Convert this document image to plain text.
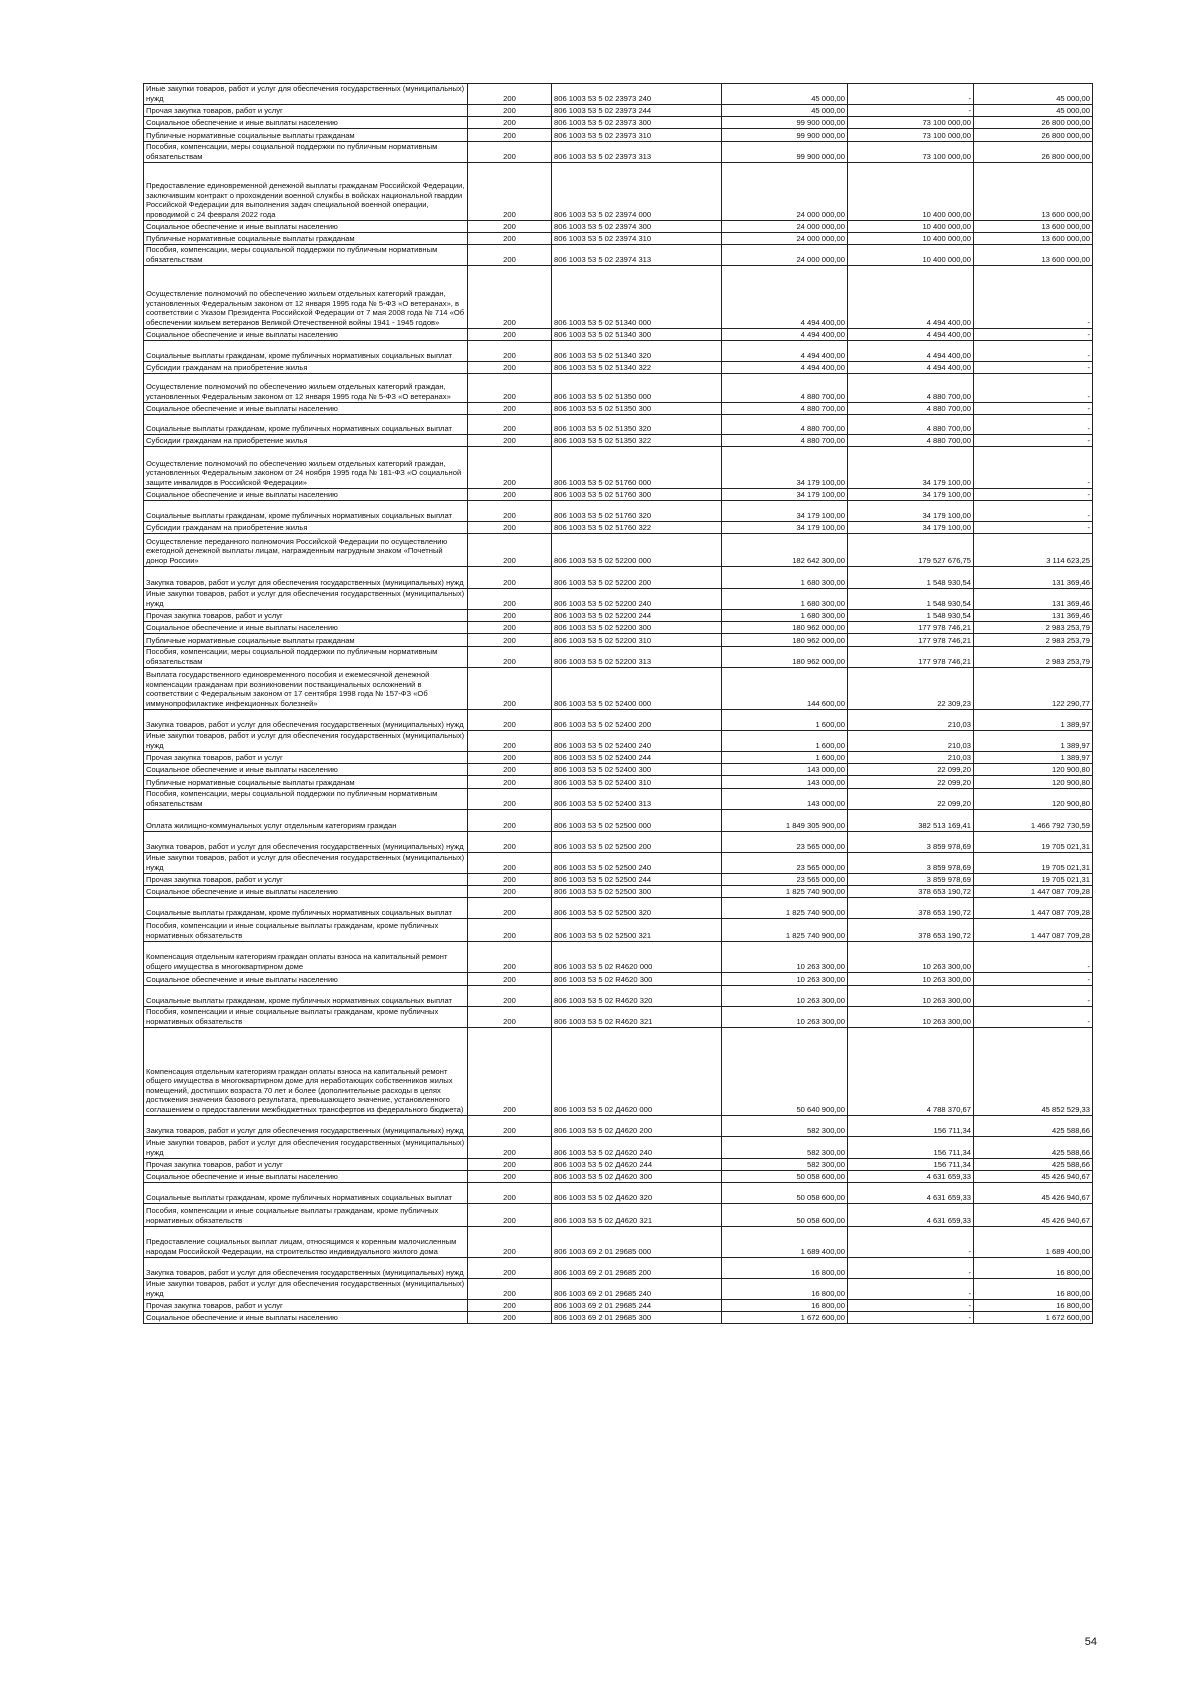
Иные закупки товаров, работ и услуг для обеспечения государственных (муниципальных) нужд	200	806 1003 53 5 02 23973 240	45 000,00	-	45 000,00
Прочая закупка товаров, работ и услуг	200	806 1003 53 5 02 23973 244	45 000,00	-	45 000,00
Социальное обеспечение и иные выплаты населению	200	806 1003 53 5 02 23973 300	99 900 000,00	73 100 000,00	26 800 000,00
Публичные нормативные социальные выплаты гражданам	200	806 1003 53 5 02 23973 310	99 900 000,00	73 100 000,00	26 800 000,00
Пособия, компенсации, меры социальной поддержки по публичным нормативным обязательствам	200	806 1003 53 5 02 23973 313	99 900 000,00	73 100 000,00	26 800 000,00
Предоставление единовременной денежной выплаты гражданам Российской Федерации, заключившим контракт о прохождении военной службы в войсках национальной гвардии Российской Федерации для выполнения задач специальной военной операции, проводимой с 24 февраля 2022 года	200	806 1003 53 5 02 23974 000	24 000 000,00	10 400 000,00	13 600 000,00
Социальное обеспечение и иные выплаты населению	200	806 1003 53 5 02 23974 300	24 000 000,00	10 400 000,00	13 600 000,00
Публичные нормативные социальные выплаты гражданам	200	806 1003 53 5 02 23974 310	24 000 000,00	10 400 000,00	13 600 000,00
Пособия, компенсации, меры социальной поддержки по публичным нормативным обязательствам	200	806 1003 53 5 02 23974 313	24 000 000,00	10 400 000,00	13 600 000,00
Осуществление полномочий по обеспечению жильем отдельных категорий граждан, установленных Федеральным законом от 12 января 1995 года № 5-ФЗ «О ветеранах», в соответствии с Указом Президента Российской Федерации от 7 мая 2008 года № 714 «Об обеспечении жильем ветеранов Великой Отечественной войны 1941 - 1945 годов»	200	806 1003 53 5 02 51340 000	4 494 400,00	4 494 400,00	-
Социальное обеспечение и иные выплаты населению	200	806 1003 53 5 02 51340 300	4 494 400,00	4 494 400,00	-
Социальные выплаты гражданам, кроме публичных нормативных социальных выплат	200	806 1003 53 5 02 51340 320	4 494 400,00	4 494 400,00	-
Субсидии гражданам на приобретение жилья	200	806 1003 53 5 02 51340 322	4 494 400,00	4 494 400,00	-
Осуществление полномочий по обеспечению жильем отдельных категорий граждан, установленных Федеральным законом от 12 января 1995 года № 5-ФЗ «О ветеранах»	200	806 1003 53 5 02 51350 000	4 880 700,00	4 880 700,00	-
Социальное обеспечение и иные выплаты населению	200	806 1003 53 5 02 51350 300	4 880 700,00	4 880 700,00	-
Социальные выплаты гражданам, кроме публичных нормативных социальных выплат	200	806 1003 53 5 02 51350 320	4 880 700,00	4 880 700,00	-
Субсидии гражданам на приобретение жилья	200	806 1003 53 5 02 51350 322	4 880 700,00	4 880 700,00	-
Осуществление полномочий по обеспечению жильем отдельных категорий граждан, установленных Федеральным законом от 24 ноября 1995 года № 181-ФЗ «О социальной защите инвалидов в Российской Федерации»	200	806 1003 53 5 02 51760 000	34 179 100,00	34 179 100,00	-
Социальное обеспечение и иные выплаты населению	200	806 1003 53 5 02 51760 300	34 179 100,00	34 179 100,00	-
Социальные выплаты гражданам, кроме публичных нормативных социальных выплат	200	806 1003 53 5 02 51760 320	34 179 100,00	34 179 100,00	-
Субсидии гражданам на приобретение жилья	200	806 1003 53 5 02 51760 322	34 179 100,00	34 179 100,00	-
Осуществление переданного полномочия Российской Федерации по осуществлению ежегодной денежной выплаты лицам, награжденным нагрудным знаком «Почетный донор России»	200	806 1003 53 5 02 52200 000	182 642 300,00	179 527 676,75	3 114 623,25
Закупка товаров, работ и услуг для обеспечения государственных (муниципальных) нужд	200	806 1003 53 5 02 52200 200	1 680 300,00	1 548 930,54	131 369,46
Иные закупки товаров, работ и услуг для обеспечения государственных (муниципальных) нужд	200	806 1003 53 5 02 52200 240	1 680 300,00	1 548 930,54	131 369,46
Прочая закупка товаров, работ и услуг	200	806 1003 53 5 02 52200 244	1 680 300,00	1 548 930,54	131 369,46
Социальное обеспечение и иные выплаты населению	200	806 1003 53 5 02 52200 300	180 962 000,00	177 978 746,21	2 983 253,79
Публичные нормативные социальные выплаты гражданам	200	806 1003 53 5 02 52200 310	180 962 000,00	177 978 746,21	2 983 253,79
Пособия, компенсации, меры социальной поддержки по публичным нормативным обязательствам	200	806 1003 53 5 02 52200 313	180 962 000,00	177 978 746,21	2 983 253,79
Выплата государственного единовременного пособия и ежемесячной денежной компенсации гражданам при возникновении поствакцинальных осложнений в соответствии с Федеральным законом от 17 сентября 1998 года № 157-ФЗ «Об иммунопрофилактике инфекционных болезней»	200	806 1003 53 5 02 52400 000	144 600,00	22 309,23	122 290,77
Закупка товаров, работ и услуг для обеспечения государственных (муниципальных) нужд	200	806 1003 53 5 02 52400 200	1 600,00	210,03	1 389,97
Иные закупки товаров, работ и услуг для обеспечения государственных (муниципальных) нужд	200	806 1003 53 5 02 52400 240	1 600,00	210,03	1 389,97
Прочая закупка товаров, работ и услуг	200	806 1003 53 5 02 52400 244	1 600,00	210,03	1 389,97
Социальное обеспечение и иные выплаты населению	200	806 1003 53 5 02 52400 300	143 000,00	22 099,20	120 900,80
Публичные нормативные социальные выплаты гражданам	200	806 1003 53 5 02 52400 310	143 000,00	22 099,20	120 900,80
Пособия, компенсации, меры социальной поддержки по публичным нормативным обязательствам	200	806 1003 53 5 02 52400 313	143 000,00	22 099,20	120 900,80
Оплата жилищно-коммунальных услуг отдельным категориям граждан	200	806 1003 53 5 02 52500 000	1 849 305 900,00	382 513 169,41	1 466 792 730,59
Закупка товаров, работ и услуг для обеспечения государственных (муниципальных) нужд	200	806 1003 53 5 02 52500 200	23 565 000,00	3 859 978,69	19 705 021,31
Иные закупки товаров, работ и услуг для обеспечения государственных (муниципальных) нужд	200	806 1003 53 5 02 52500 240	23 565 000,00	3 859 978,69	19 705 021,31
Прочая закупка товаров, работ и услуг	200	806 1003 53 5 02 52500 244	23 565 000,00	3 859 978,69	19 705 021,31
Социальное обеспечение и иные выплаты населению	200	806 1003 53 5 02 52500 300	1 825 740 900,00	378 653 190,72	1 447 087 709,28
Социальные выплаты гражданам, кроме публичных нормативных социальных выплат	200	806 1003 53 5 02 52500 320	1 825 740 900,00	378 653 190,72	1 447 087 709,28
Пособия, компенсации и иные социальные выплаты гражданам, кроме публичных нормативных обязательств	200	806 1003 53 5 02 52500 321	1 825 740 900,00	378 653 190,72	1 447 087 709,28
Компенсация отдельным категориям граждан оплаты взноса на капитальный ремонт общего имущества в многоквартирном доме	200	806 1003 53 5 02 R4620 000	10 263 300,00	10 263 300,00	-
Социальное обеспечение и иные выплаты населению	200	806 1003 53 5 02 R4620 300	10 263 300,00	10 263 300,00	-
Социальные выплаты гражданам, кроме публичных нормативных социальных выплат	200	806 1003 53 5 02 R4620 320	10 263 300,00	10 263 300,00	-
Пособия, компенсации и иные социальные выплаты гражданам, кроме публичных нормативных обязательств	200	806 1003 53 5 02 R4620 321	10 263 300,00	10 263 300,00	-
Компенсация отдельным категориям граждан оплаты взноса на капитальный ремонт общего имущества в многоквартирном доме для неработающих собственников жилых помещений, достигших возраста 70 лет и более (дополнительные расходы в целях достижения значения базового результата, превышающего значение, установленного соглашением о предоставлении межбюджетных трансфертов из федерального бюджета)	200	806 1003 53 5 02 Д4620 000	50 640 900,00	4 788 370,67	45 852 529,33
Закупка товаров, работ и услуг для обеспечения государственных (муниципальных) нужд	200	806 1003 53 5 02 Д4620 200	582 300,00	156 711,34	425 588,66
Иные закупки товаров, работ и услуг для обеспечения государственных (муниципальных) нужд	200	806 1003 53 5 02 Д4620 240	582 300,00	156 711,34	425 588,66
Прочая закупка товаров, работ и услуг	200	806 1003 53 5 02 Д4620 244	582 300,00	156 711,34	425 588,66
Социальное обеспечение и иные выплаты населению	200	806 1003 53 5 02 Д4620 300	50 058 600,00	4 631 659,33	45 426 940,67
Социальные выплаты гражданам, кроме публичных нормативных социальных выплат	200	806 1003 53 5 02 Д4620 320	50 058 600,00	4 631 659,33	45 426 940,67
Пособия, компенсации и иные социальные выплаты гражданам, кроме публичных нормативных обязательств	200	806 1003 53 5 02 Д4620 321	50 058 600,00	4 631 659,33	45 426 940,67
Предоставление социальных выплат лицам, относящимся к коренным малочисленным народам Российской Федерации, на строительство индивидуального жилого дома	200	806 1003 69 2 01 29685 000	1 689 400,00	-	1 689 400,00
Закупка товаров, работ и услуг для обеспечения государственных (муниципальных) нужд	200	806 1003 69 2 01 29685 200	16 800,00	-	16 800,00
Иные закупки товаров, работ и услуг для обеспечения государственных (муниципальных) нужд	200	806 1003 69 2 01 29685 240	16 800,00	-	16 800,00
Прочая закупка товаров, работ и услуг	200	806 1003 69 2 01 29685 244	16 800,00	-	16 800,00
Социальное обеспечение и иные выплаты населению	200	806 1003 69 2 01 29685 300	1 672 600,00	-	1 672 600,00
54
